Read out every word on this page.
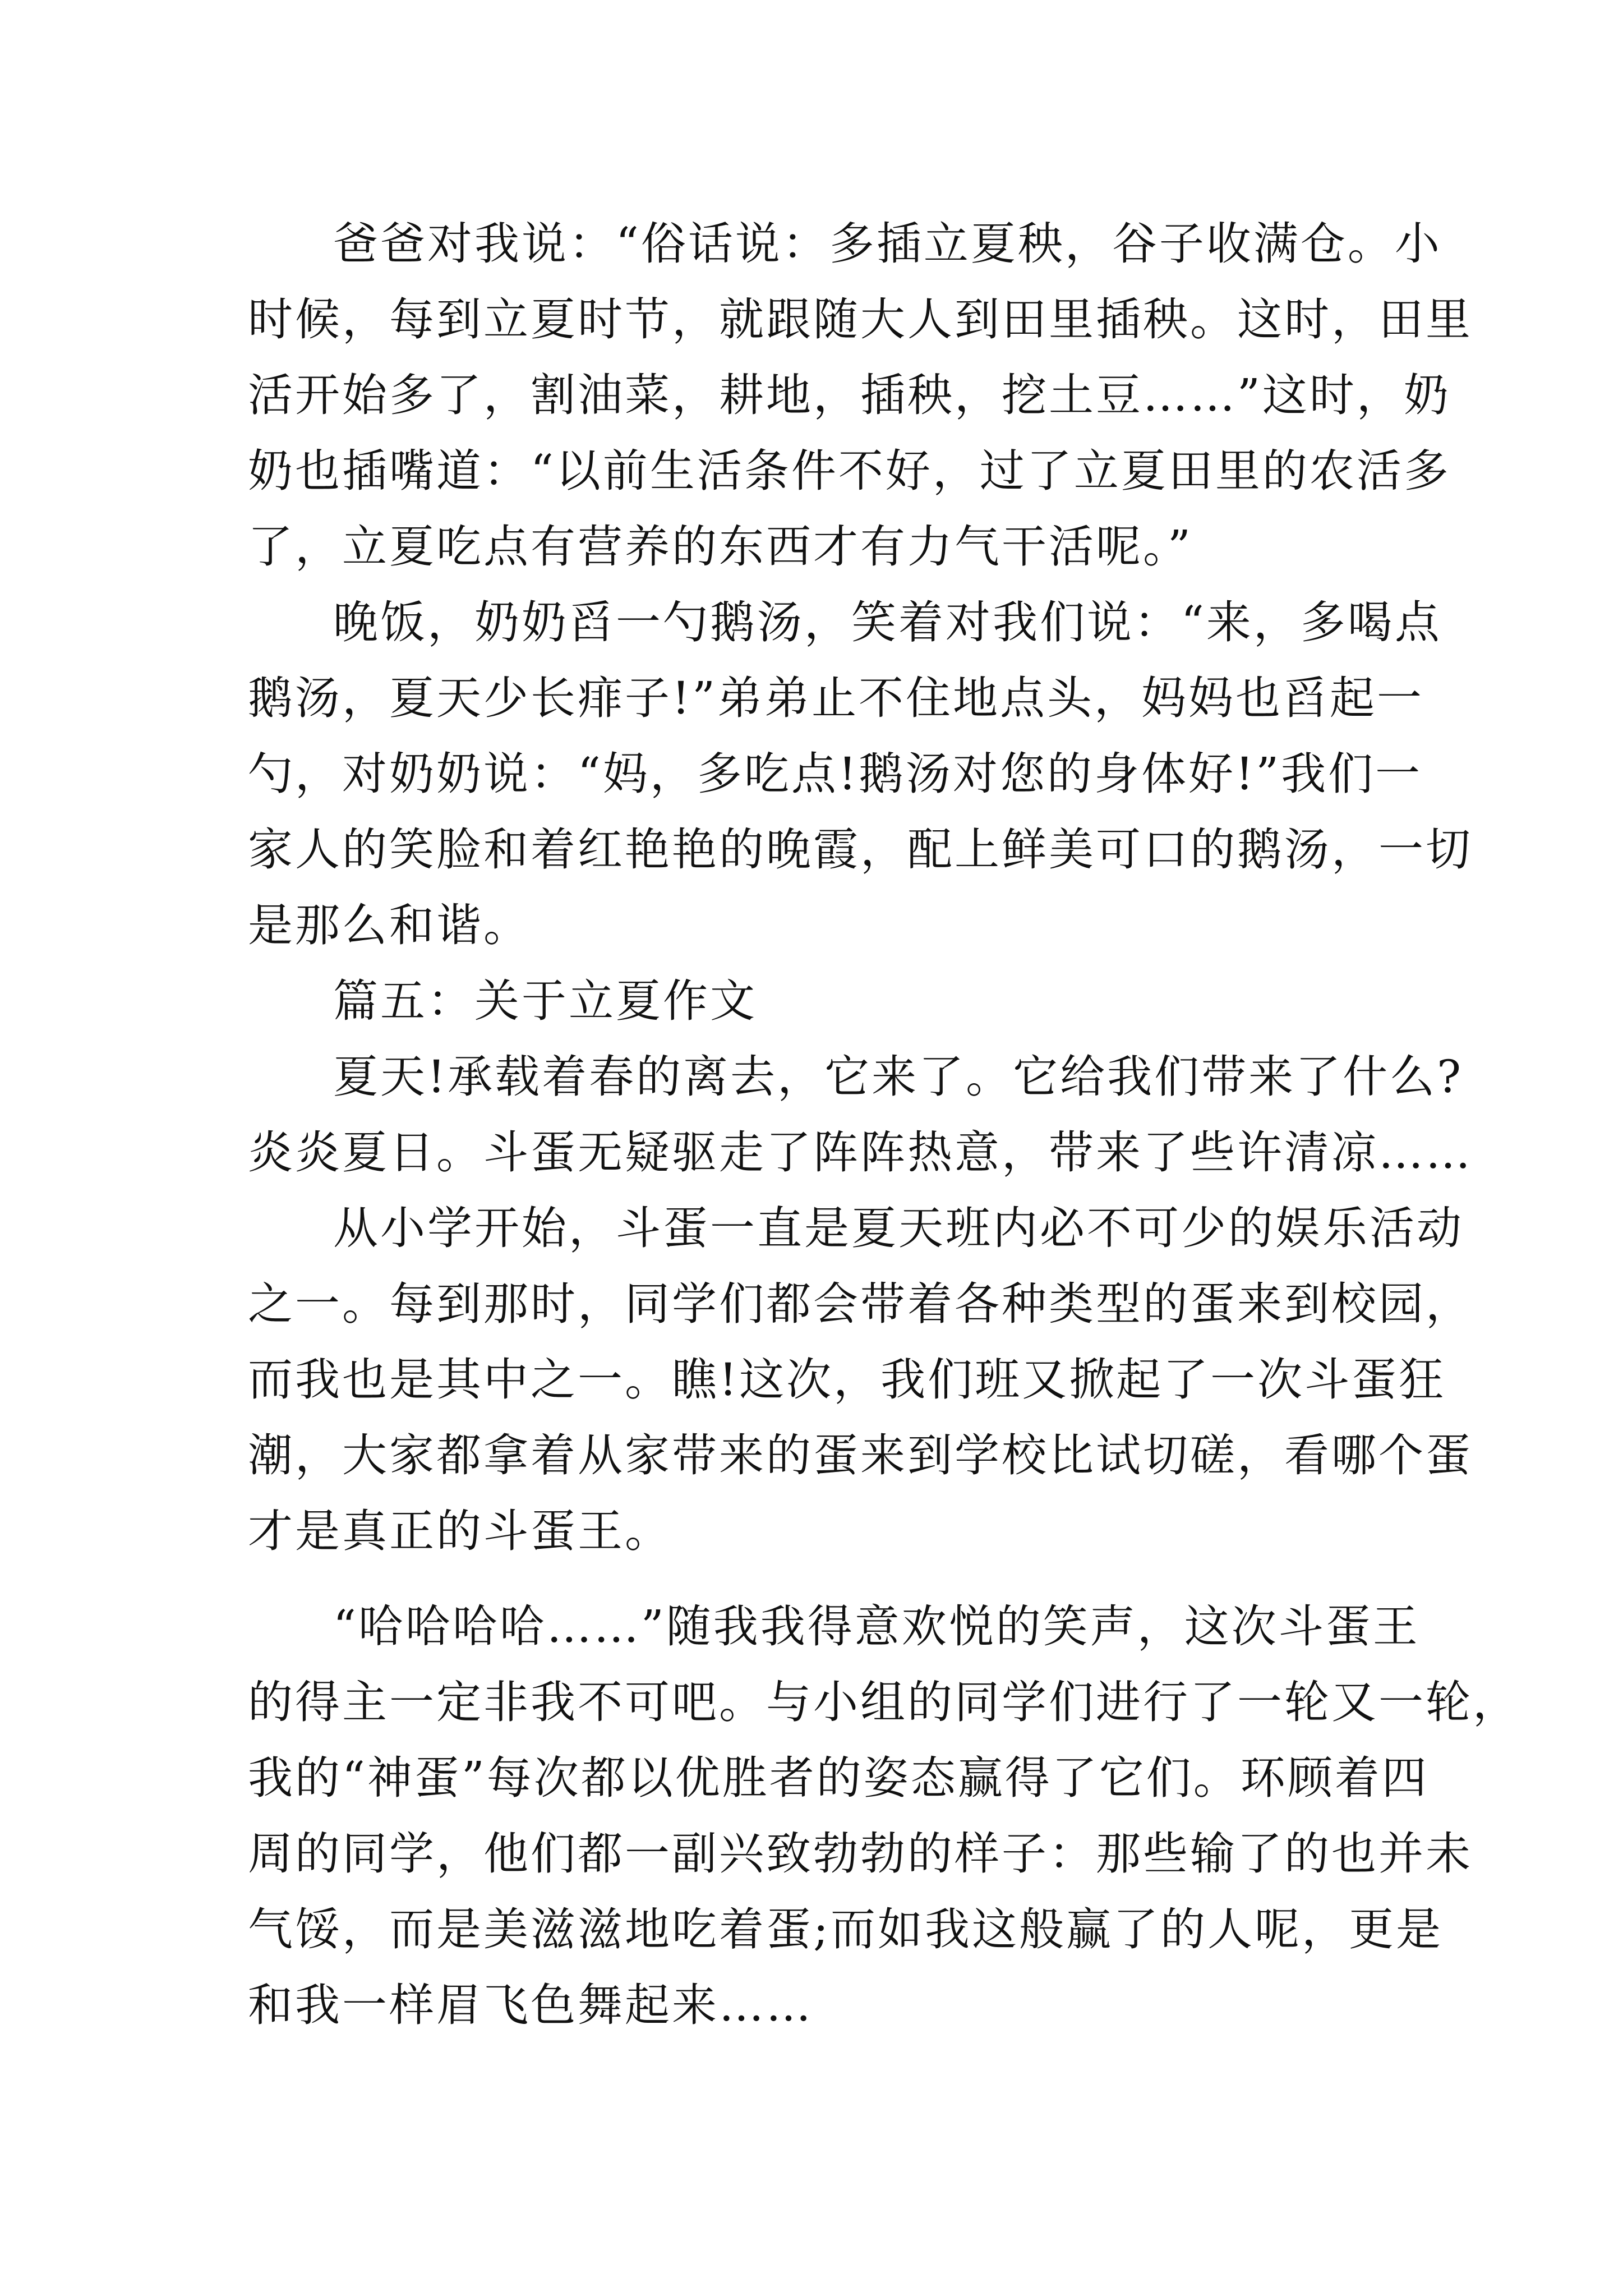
爸爸对我说：“俗话说：多插立夏秧，谷子收满仓。小
时候，每到立夏时节，就跟随大人到田里插秧。这时，田里
活开始多了，割油菜，耕地，插秧，挖土豆……”这时，奶
奶也插嘴道：“以前生活条件不好，过了立夏田里的农活多
了，立夏吃点有营养的东西才有力气干活呢。”
晚饭，奶奶舀一勺鹅汤，笑着对我们说：“来，多喝点
鹅汤，夏天少长痱子!”弟弟止不住地点头，妈妈也舀起一
勺，对奶奶说：“妈，多吃点!鹅汤对您的身体好!”我们一
家人的笑脸和着红艳艳的晚霞，配上鲜美可口的鹅汤，一切
是那么和谐。
篇五：关于立夏作文
夏天!承载着春的离去，它来了。它给我们带来了什么?
炎炎夏日。斗蛋无疑驱走了阵阵热意，带来了些许清凉……
从小学开始，斗蛋一直是夏天班内必不可少的娱乐活动
之一。每到那时，同学们都会带着各种类型的蛋来到校园，
而我也是其中之一。瞧!这次，我们班又掀起了一次斗蛋狂
潮，大家都拿着从家带来的蛋来到学校比试切磋，看哪个蛋
才是真正的斗蛋王。
“哈哈哈哈……”随我我得意欢悦的笑声，这次斗蛋王
的得主一定非我不可吧。与小组的同学们进行了一轮又一轮，
我的“神蛋”每次都以优胜者的姿态赢得了它们。环顾着四
周的同学，他们都一副兴致勃勃的样子：那些输了的也并未
气馁，而是美滋滋地吃着蛋;而如我这般赢了的人呢，更是
和我一样眉飞色舞起来……
